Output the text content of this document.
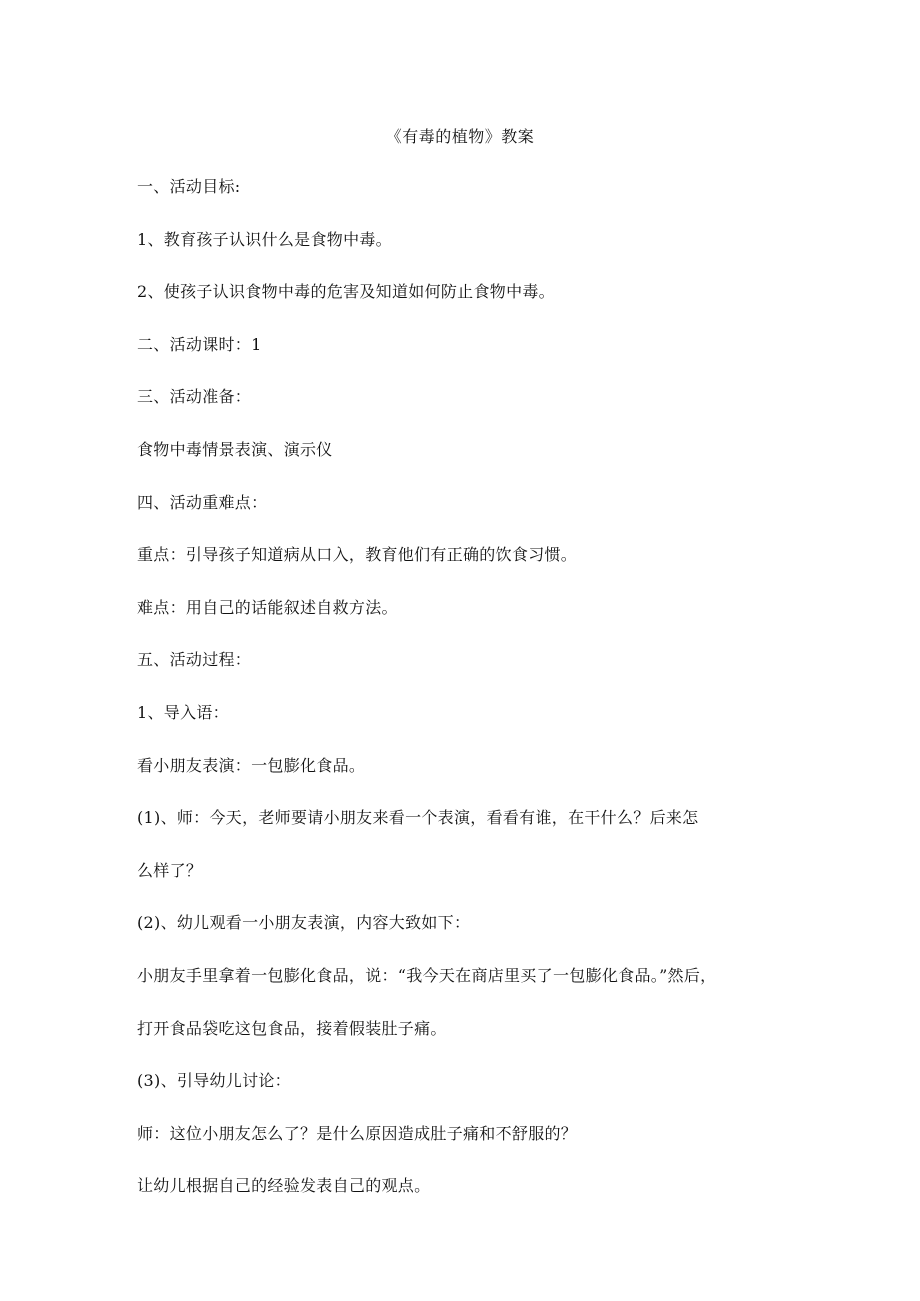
《有毒的植物》教案
一、活动目标:
1、教育孩子认识什么是食物中毒。
2、使孩子认识食物中毒的危害及知道如何防止食物中毒。
二、活动课时：1
三、活动准备：
食物中毒情景表演、演示仪
四、活动重难点：
重点：引导孩子知道病从口入，教育他们有正确的饮食习惯。
难点：用自己的话能叙述自救方法。
五、活动过程：
1、导入语：
看小朋友表演：一包膨化食品。
(1)、师：今天，老师要请小朋友来看一个表演，看看有谁，在干什么？后来怎
么样了？
(2)、幼儿观看一小朋友表演，内容大致如下：
小朋友手里拿着一包膨化食品，说：“我今天在商店里买了一包膨化食品。”然后，
打开食品袋吃这包食品，接着假装肚子痛。
(3)、引导幼儿讨论：
师：这位小朋友怎么了？是什么原因造成肚子痛和不舒服的？
让幼儿根据自己的经验发表自己的观点。
